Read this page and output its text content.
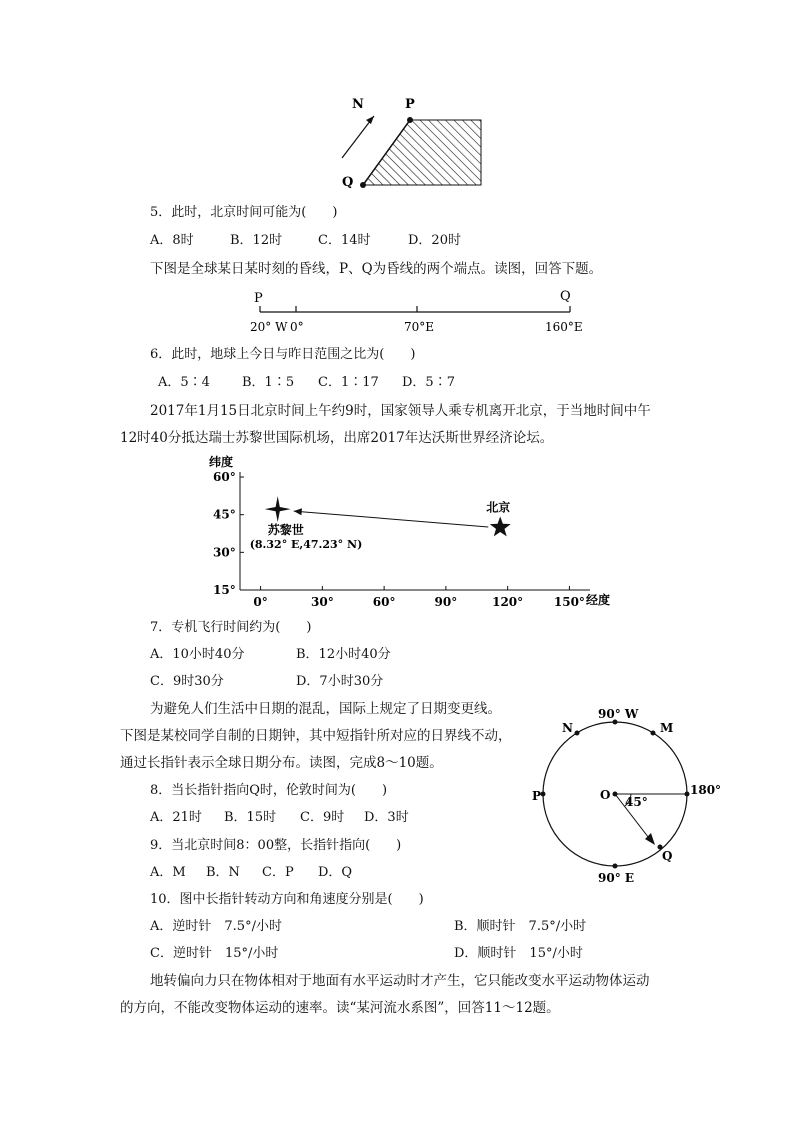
N	P
Q
5．此时，北京时间可能为(　　)
A．8时	B．12时	C．14时	D．20时
下图是全球某日某时刻的昏线，P、Q为昏线的两个端点。读图，回答下题。
P	Q
20° W 0°	70°E	160°E
6．此时，地球上今日与昨日范围之比为(　　)
A．5∶4 B．1∶5 C．1∶17 D．5∶7
2017年1月15日北京时间上午约9时，国家领导人乘专机离开北京，于当地时间中午
12时40分抵达瑞士苏黎世国际机场，出席2017年达沃斯世界经济论坛。
纬度
经度
60°
45°
30°
15°
0°	30°	60°	90°	120°	150°
苏黎世
(8.32° E,47.23° N)
北京
7．专机飞行时间约为(　　)
A．10小时40分	B．12小时40分
C．9时30分	D．7小时30分
为避免人们生活中日期的混乱，国际上规定了日期变更线。
下图是某校同学自制的日期钟，其中短指针所对应的日界线不动，
通过长指针表示全球日期分布。读图，完成8～10题。
90° W
90° E
180°
P
N	M
Q
O 45°
8．当长指针指向Q时，伦敦时间为(　　)
A．21时 B．15时 C．9时 D．3时
9．当北京时间8：00整，长指针指向(　　)
A．M B．N C．P D．Q
10．图中长指针转动方向和角速度分别是(　　)
A．逆时针　7.5°/小时	B．顺时针　7.5°/小时
C．逆时针　15°/小时	D．顺时针　15°/小时
地转偏向力只在物体相对于地面有水平运动时才产生，它只能改变水平运动物体运动
的方向，不能改变物体运动的速率。读“某河流水系图”，回答11～12题。
